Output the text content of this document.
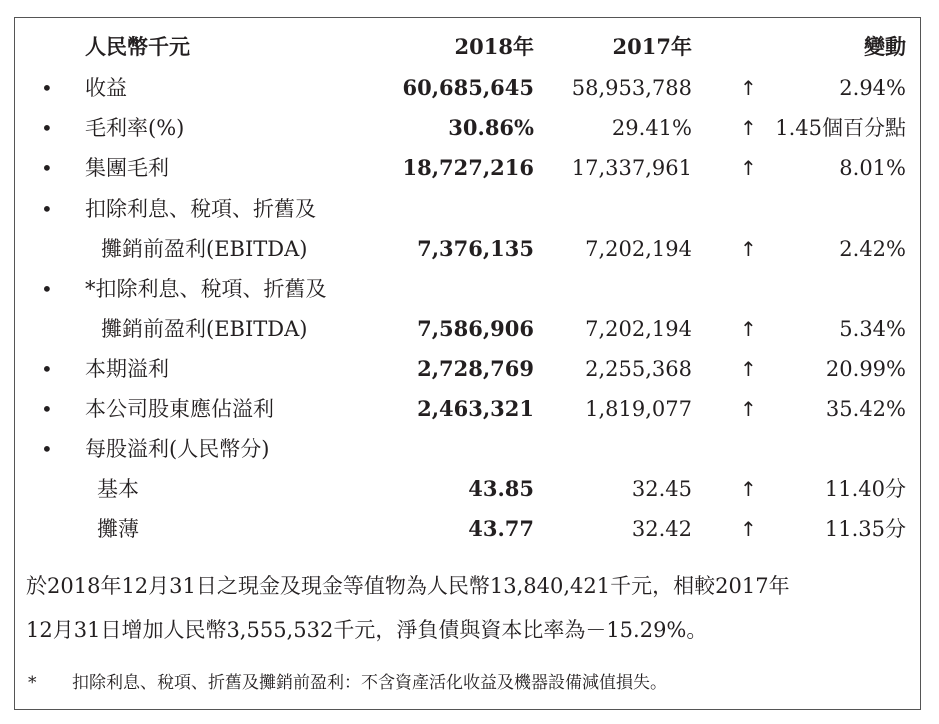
人民幣千元	2018年	2017年	變動
• 收益	60,685,645 58,953,788 ↑	2.94%
• 毛利率(%)	30.86%	29.41% ↑ 1.45個百分點
• 集團毛利	18,727,216 17,337,961 ↑	8.01%
• 扣除利息、稅項、折舊及
攤銷前盈利(EBITDA)	7,376,135 7,202,194 ↑	2.42%
• *扣除利息、稅項、折舊及
攤銷前盈利(EBITDA)	7,586,906 7,202,194 ↑	5.34%
• 本期溢利	2,728,769 2,255,368 ↑	20.99%
• 本公司股東應佔溢利	2,463,321 1,819,077 ↑	35.42%
• 每股溢利(人民幣分)
基本	43.85	32.45 ↑	11.40分
攤薄	43.77	32.42 ↑	11.35分
於2018年12月31日之現金及現金等值物為人民幣13,840,421千元，相較2017年
12月31日增加人民幣3,555,532千元，淨負債與資本比率為－15.29%。
* 扣除利息、稅項、折舊及攤銷前盈利：不含資產活化收益及機器設備減值損失。
